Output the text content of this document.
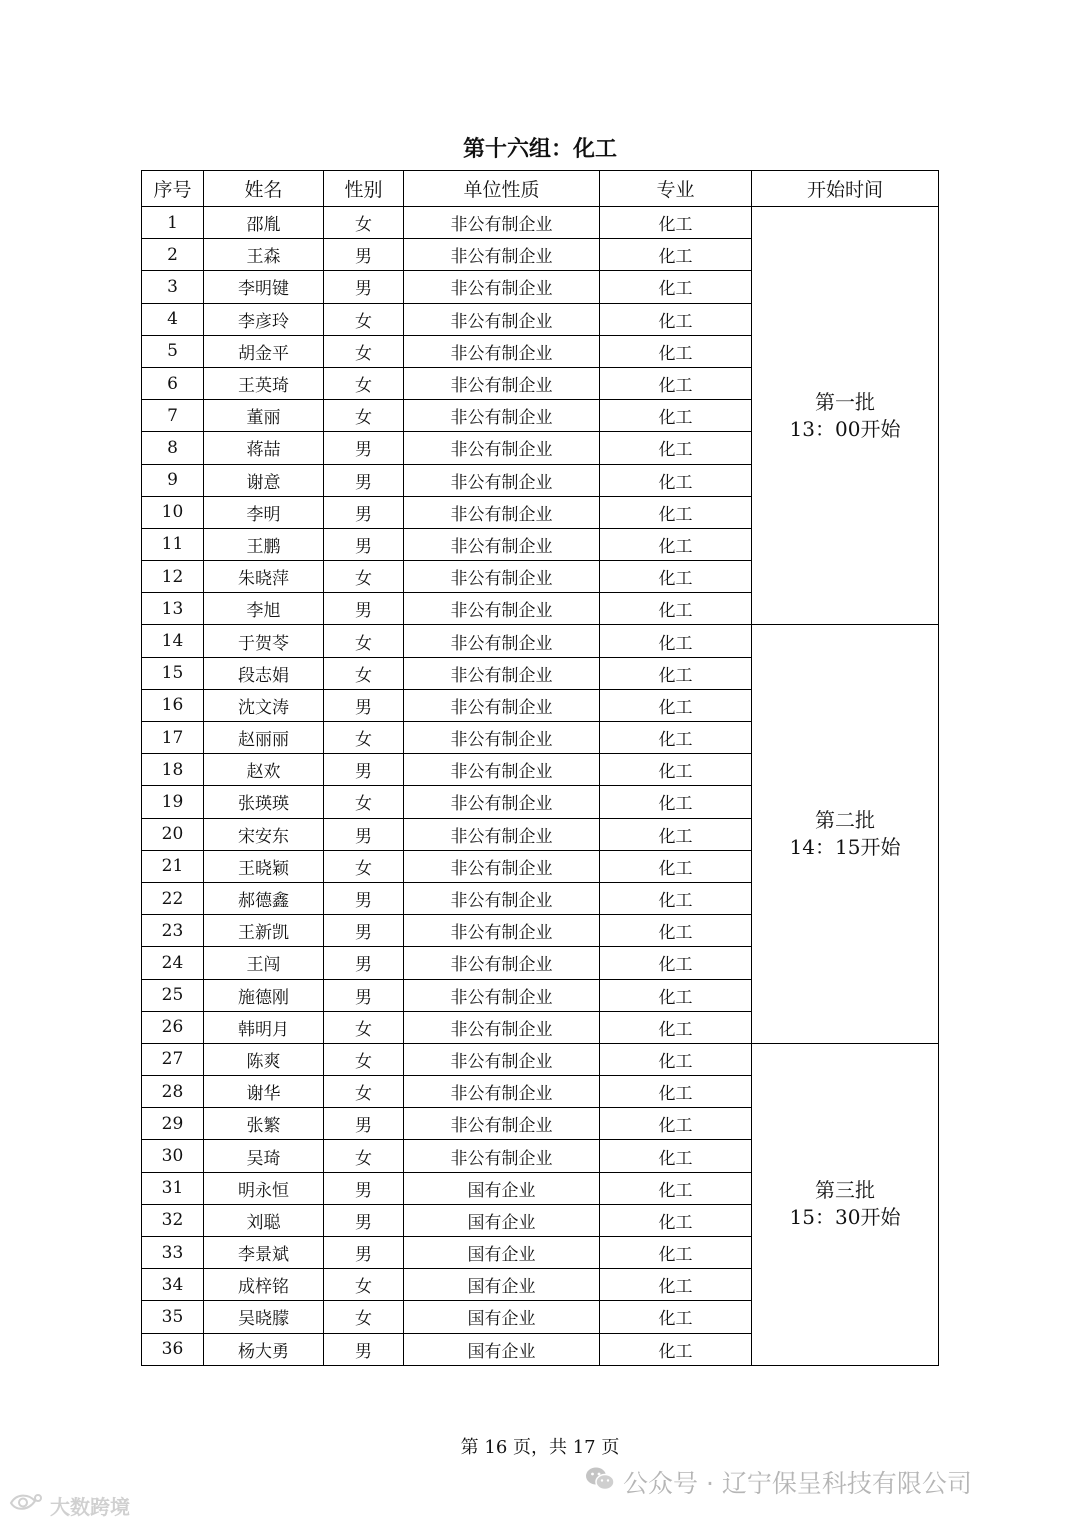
第十六组：化工
序号	姓名	性别	单位性质	专业	开始时间
1	邵胤	女	非公有制企业	化工	第一批
13：00开始

2	王森	男	非公有制企业	化工	
3	李明键	男	非公有制企业	化工	
4	李彦玲	女	非公有制企业	化工	
5	胡金平	女	非公有制企业	化工	
6	王英琦	女	非公有制企业	化工	
7	董丽	女	非公有制企业	化工	
8	蒋喆	男	非公有制企业	化工	
9	谢意	男	非公有制企业	化工	
10	李明	男	非公有制企业	化工	
11	王鹏	男	非公有制企业	化工	
12	朱晓萍	女	非公有制企业	化工	
13	李旭	男	非公有制企业	化工	
14	于贺苓	女	非公有制企业	化工	第二批
14：15开始

15	段志娟	女	非公有制企业	化工	
16	沈文涛	男	非公有制企业	化工	
17	赵丽丽	女	非公有制企业	化工	
18	赵欢	男	非公有制企业	化工	
19	张瑛瑛	女	非公有制企业	化工	
20	宋安东	男	非公有制企业	化工	
21	王晓颖	女	非公有制企业	化工	
22	郝德鑫	男	非公有制企业	化工	
23	王新凯	男	非公有制企业	化工	
24	王闯	男	非公有制企业	化工	
25	施德刚	男	非公有制企业	化工	
26	韩明月	女	非公有制企业	化工	
27	陈爽	女	非公有制企业	化工	第三批
15：30开始

28	谢华	女	非公有制企业	化工	
29	张繁	男	非公有制企业	化工	
30	吴琦	女	非公有制企业	化工	
31	明永恒	男	国有企业	化工	
32	刘聪	男	国有企业	化工	
33	李景斌	男	国有企业	化工	
34	成梓铭	女	国有企业	化工	
35	吴晓朦	女	国有企业	化工	
36	杨大勇	男	国有企业	化工	
第 16 页，共 17 页
公众号 · 辽宁保呈科技有限公司
大数跨境
